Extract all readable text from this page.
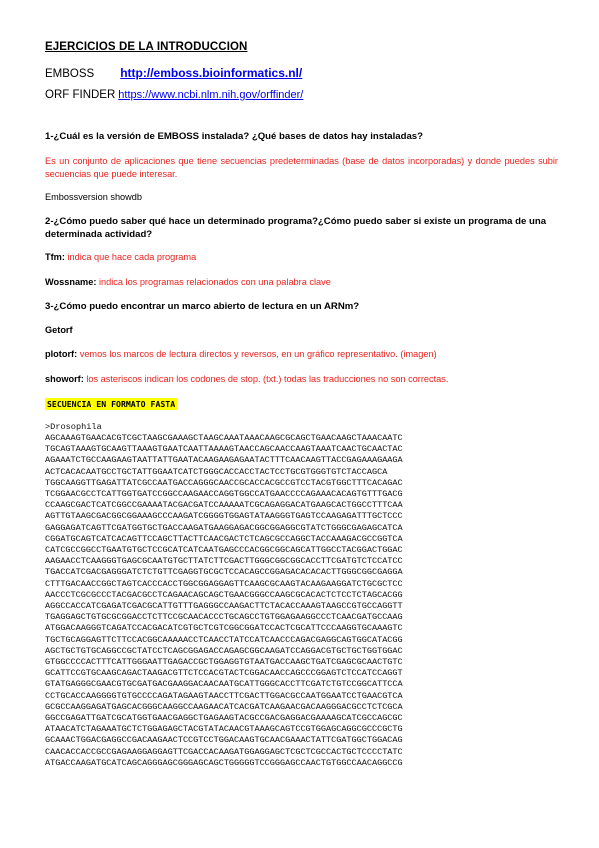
EJERCICIOS DE LA INTRODUCCION
EMBOSS http://emboss.bioinformatics.nl/
ORF FINDER https://www.ncbi.nlm.nih.gov/orffinder/
1-¿Cuál es la versión de EMBOSS instalada? ¿Qué bases de datos hay instaladas?
Es un conjunto de aplicaciones que tiene secuencias predeterminadas (base de datos incorporadas) y donde puedes subir secuencias que puede interesar.
Embossversion showdb
2-¿Cómo puedo saber qué hace un determinado programa?¿Cómo puedo saber si existe un programa de una determinada actividad?
Tfm: indica que hace cada programa
Wossname: indica los programas relacionados con una palabra clave
3-¿Cómo puedo encontrar un marco abierto de lectura en un ARNm?
Getorf
plotorf: vemos los marcos de lectura directos y reversos, en un gráfico representativo. (imagen)
showorf: los asteriscos indican los codones de stop. (txt.) todas las traducciones no son correctas.
SECUENCIA EN FORMATO FASTA
>Drosophila
AGCAAAGTGAACACGTCGCTAAGCGAAAGCTAAGCAAATAAACAAGCGCAGCTGAACAAGCTAAACAATC
TGCAGTAAAGTGCAAGTTAAAGTGAATCAATTAAAAGTAACCAGCAACCAAGTAAATCAACTGCAACTAC
AGAAATCTGCCAAGAAGTAATTATTGAATACAAGAAGAGAATACTTTCAACAAGTTACCGAGAAAGAAGA
ACTCACACAATGCCTGCTATTGGAATCATCTGGGCACCACCTACTCCTGCGTGGGTGTCTACCAGCA
TGGCAAGGTTGAGATTATCGCCAATGACCAGGGCAACCGCACCACGCCGTCCTACGTGGCTTTCACAGAC
TCGGAACGCCTCATTGGTGATCCGGCCAAGAACCAGGTGGCCATGAACCCCAGAAACACAGTGTTTGACG
CCAAGCGACTCATCGGCCGAAAATACGACGATCCAAAAATCGCAGAGGACATGAAGCACTGGCCTTTCAA
AGTTGTAAGCGACGGCGGAAAGCCCAAGATCGGGGTGGAGTATAAGGGTGAGTCCAAGAGATTTGCTCCC
GAGGAGATCAGTTCGATGGTGCTGACCAAGATGAAGGAGACGGCGGAGGCGTATCTGGGCGAGAGCATCA
CGGATGCAGTCATCACAGTTCCAGCTTACTTCAACGACTCTCAGCGCCAGGCTACCAAAGACGCCGGTCA
CATCGCCGGCCTGAATGTGCTCCGCATCATCAATGAGCCCACGGCGGCAGCATTGGCCTACGGACTGGAC
AAGAACCTCAAGGGTGAGCGCAATGTGCTTATCTTCGACTTGGGCGGCGGCACCTTCGATGTCTCCATCC
TGACCATCGACGAGGGATCTCTGTTCGAGGTGCGCTCCACAGCCGGAGACACACACTTGGGCGGCGAGGA
CTTTGACAACCGGCTAGTCACCCACCTGGCGGAGGAGTTCAAGCGCAAGTACAAGAAGGATCTGCGCTCC
AACCCTCGCGCCCTACGACGCCTCAGAACAGCAGCTGAACGGGCCAAGCGCACACTCTCCTCTAGCACGG
AGGCCACCATCGAGATCGACGCATTGTTTGAGGGCCAAGACTTCTACACCAAAGTAAGCCGTGCCAGGTT
TGAGGAGCTGTGCGCGGACCTCTTCCGCAACACCCTGCAGCCTGTGGAGAAGGCCCTCAACGATGCCAAG
ATGGACAAGGGTCAGATCCACGACATCGTGCTCGTCGGCGGATCCACTCGCATTCCCAAGGTGCAAAGTC
TGCTGCAGGAGTTCTTCCACGGCAAAAACCTCAACCTATCCATCAACCCAGACGAGGCAGTGGCATACGG
AGCTGCTGTGCAGGCCGCTATCCTCAGCGGAGACCAGAGCGGCAAGATCCAGGACGTGCTGCTGGTGGAC
GTGGCCCCACTTTCATTGGGAATTGAGACCGCTGGAGGTGTAATGACCAAGCTGATCGAGCGCAACTGTC
GCATTCCGTGCAAGCAGACTAAGACGTTCTCCACGTACTCGGACAACCAGCCCGGAGTCTCCATCCAGGT
GTATGAGGGCGAACGTGCGATGACGAAGGACAACAATGCATTGGGCACCTTCGATCTGTCCGGCATTCCA
CCTGCACCAAGGGGTGTGCCCCAGATAGAAGTAACCTTCGACTTGGACGCCAATGGAATCCTGAACGTCA
GCGCCAAGGAGATGAGCACGGGCAAGGCCAAGAACATCACGATCAAGAACGACAAGGGACGCCTCTCGCA
GGCCGAGATTGATCGCATGGTGAACGAGGCTGAGAAGTACGCCGACGAGGACGAAAAGCATCGCCAGCGC
ATAACATCTAGAAATGCTCTGGAGAGCTACGTATACAACGTAAAGCAGTCCGTGGAGCAGGCGCCCGCTG
GCAAACTGGACGAGGCCGACAAGAACTCCGTCCTGGACAAGTGCAACGAAACTATTCGATGGCTGGACAG
CAACACCACCGCCGAGAAGGAGGAGTTCGACCACAAGATGGAGGAGCTCGCTCGCCACTGCTCCCCTATC
ATGACCAAGATGCATCAGCAGGGAGCGGGAGCAGCTGGGGGTCCGGGAGCCAACTGTGGCCAACAGGCCG
